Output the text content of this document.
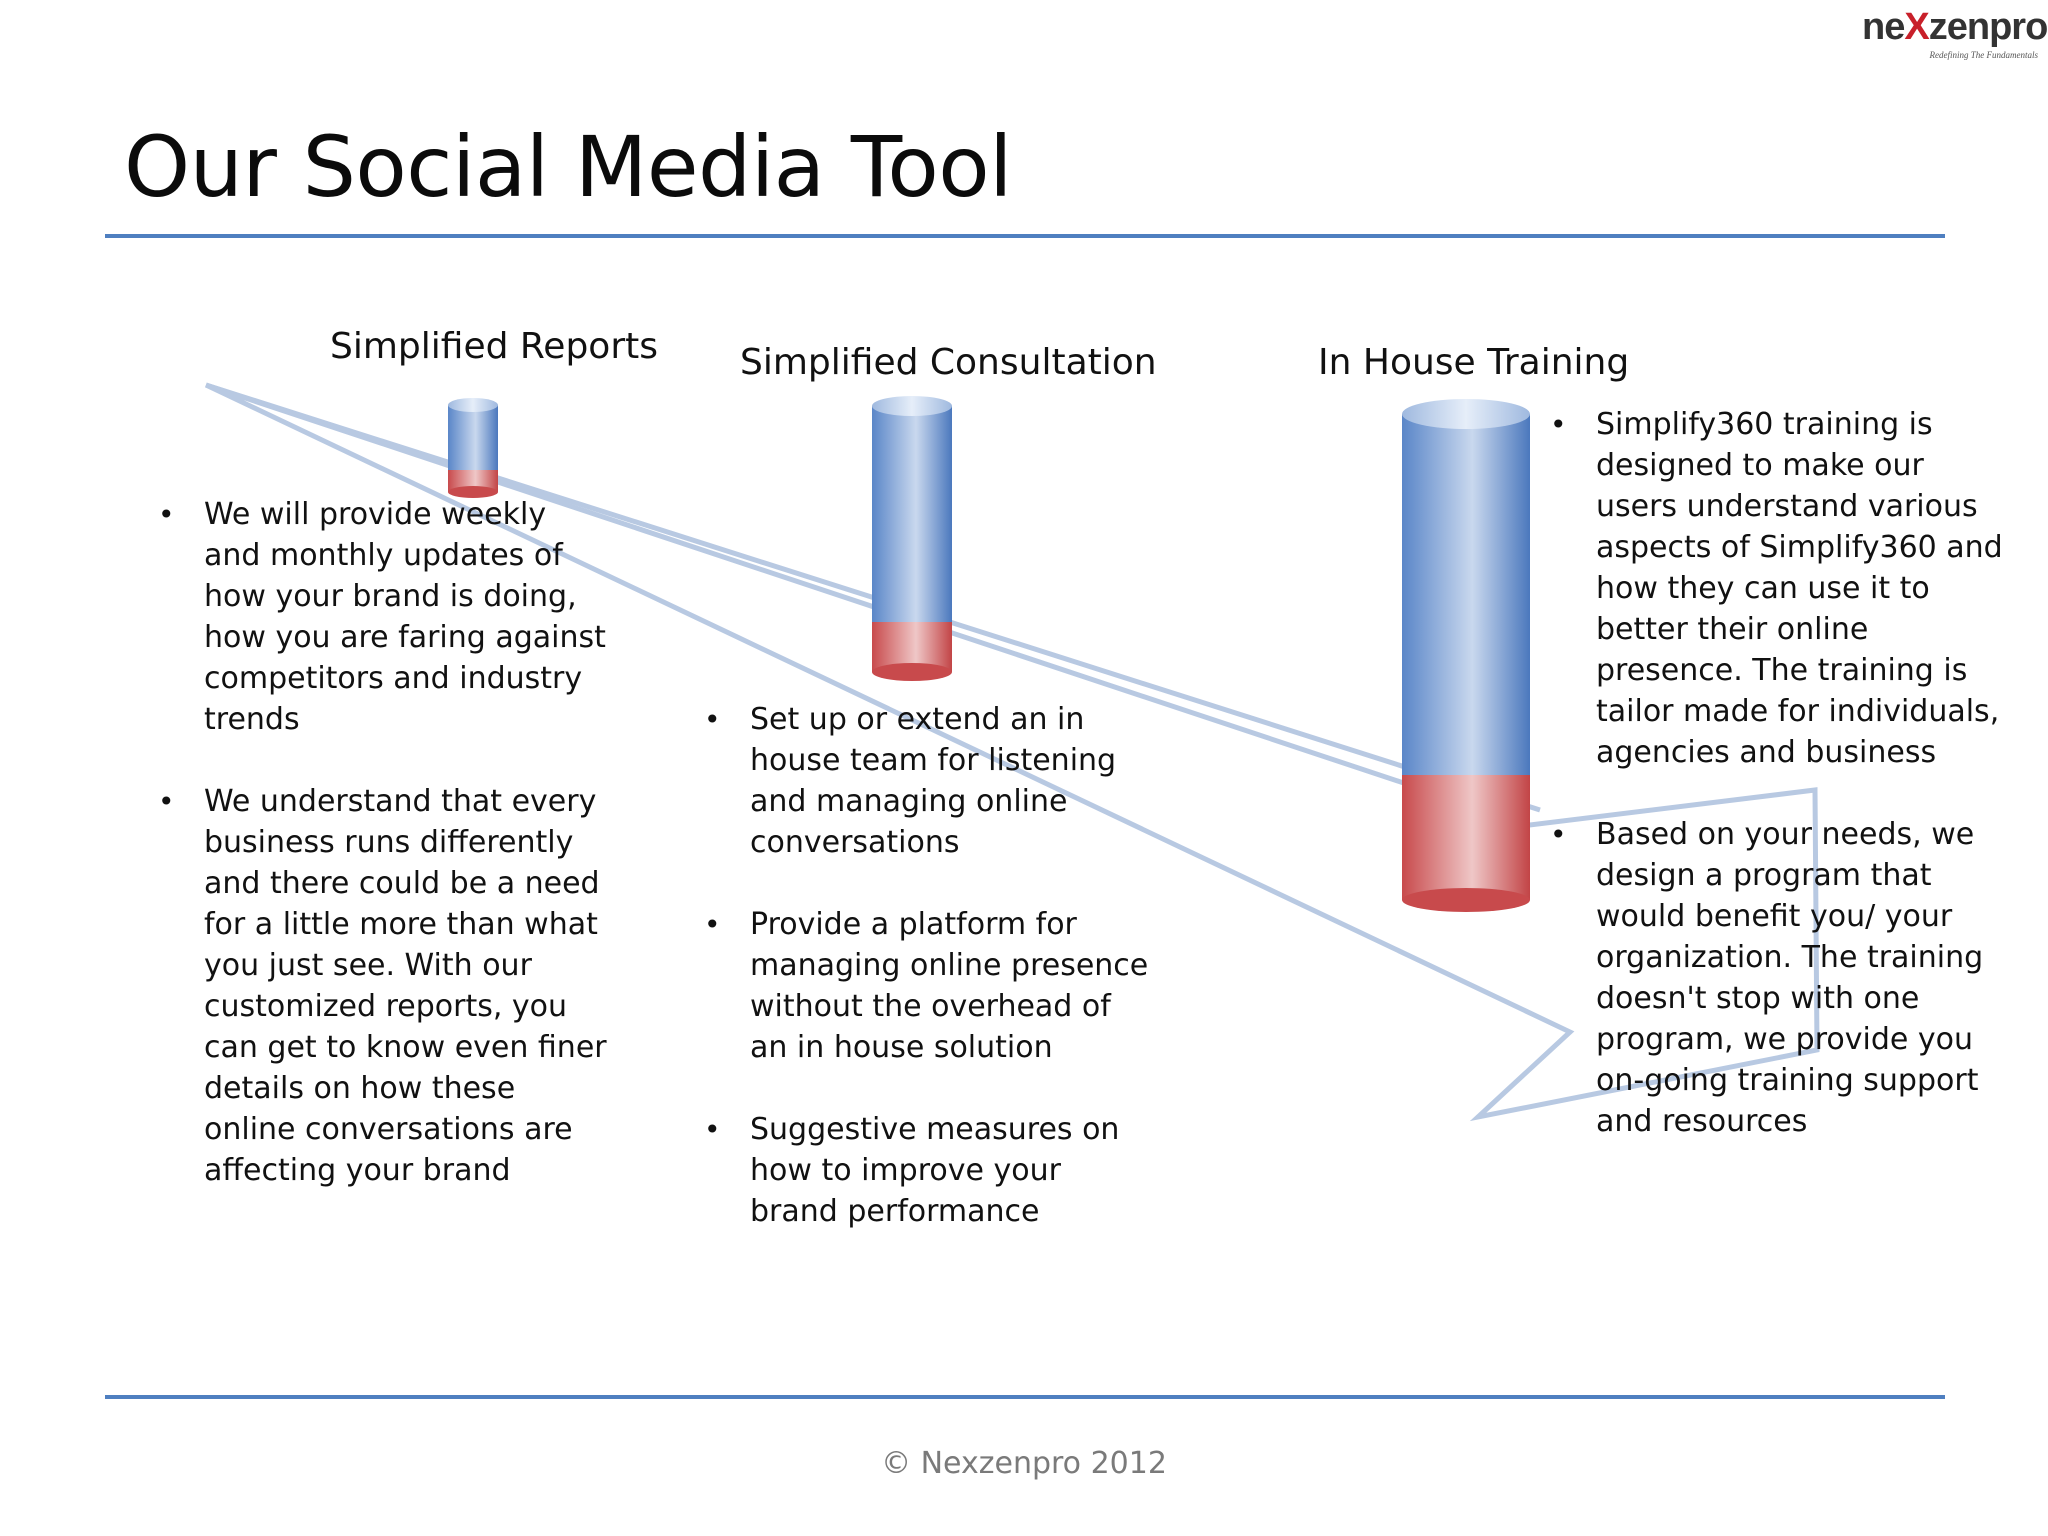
neXzenpro
Redefining The Fundamentals
Our Social Media Tool
Simplified Reports
• We will provide weekly and monthly updates of how your brand is doing, how you are faring against competitors and industry trends
• We understand that every business runs differently and there could be a need for a little more than what you just see. With our customized reports, you can get to know even finer details on how these online conversations are affecting your brand
Simplified Consultation
• Set up or extend an in house team for listening and managing online conversations
• Provide a platform for managing online presence without the overhead of an in house solution
• Suggestive measures on how to improve your brand performance
In House Training
• Simplify360 training is designed to make our users understand various aspects of Simplify360 and how they can use it to better their online presence. The training is tailor made for individuals, agencies and business
• Based on your needs, we design a program that would benefit you/ your organization. The training doesn't stop with one program, we provide you on-going training support and resources
© Nexzenpro 2012
